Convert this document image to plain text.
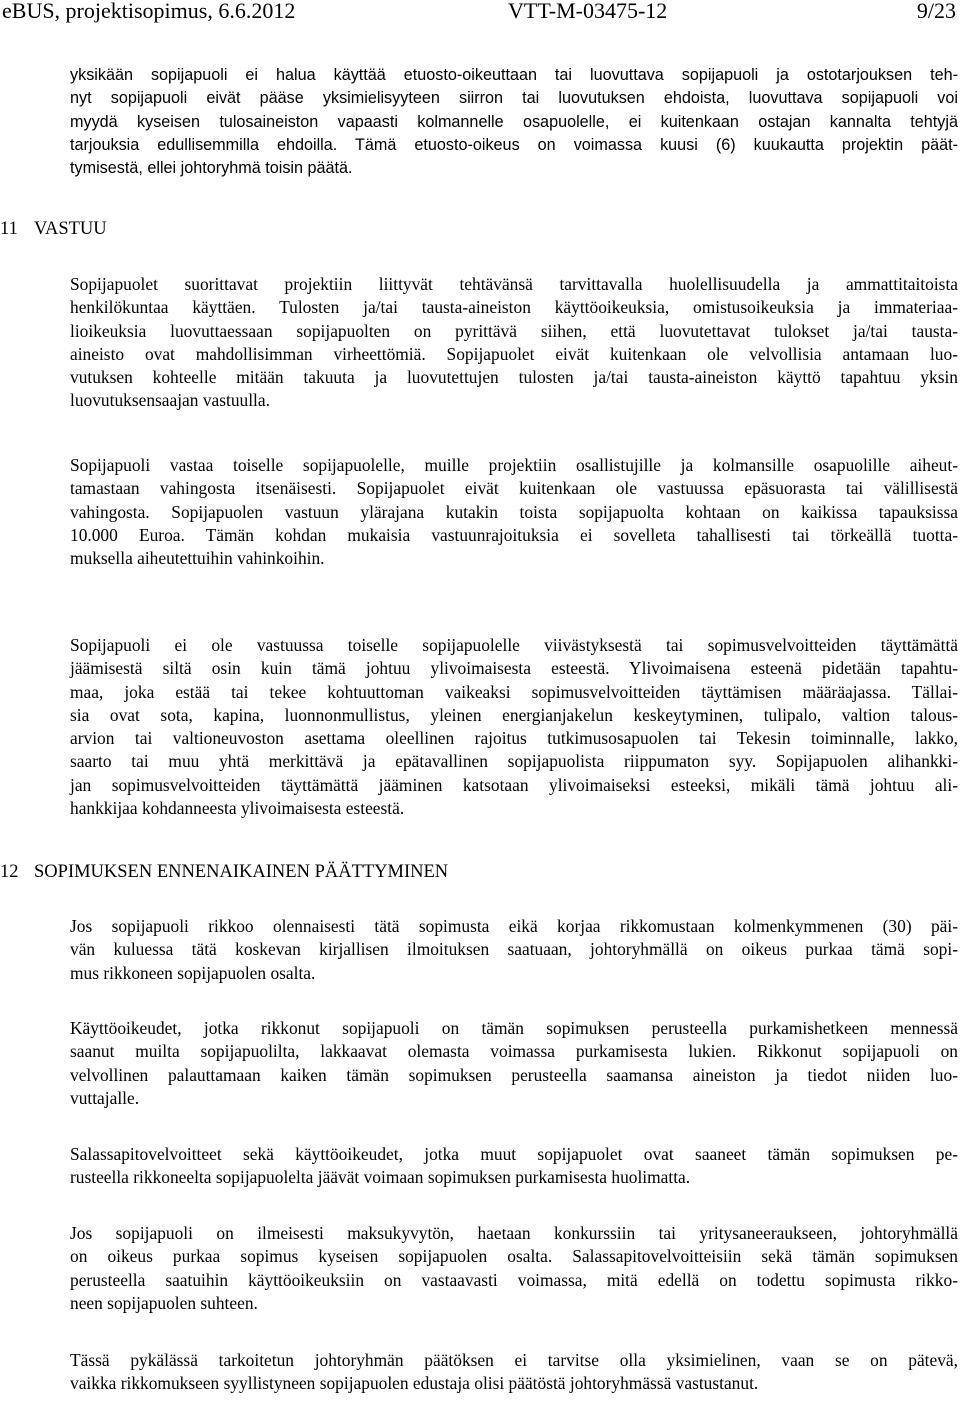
eBUS, projektisopimus, 6.6.2012	VTT-M-03475-12	9/23
yksikään sopijapuoli ei halua käyttää etuosto-oikeuttaan tai luovuttava sopijapuoli ja ostotarjouksen teh-
nyt sopijapuoli eivät pääse yksimielisyyteen siirron tai luovutuksen ehdoista, luovuttava sopijapuoli voi
myydä kyseisen tulosaineiston vapaasti kolmannelle osapuolelle, ei kuitenkaan ostajan kannalta tehtyjä
tarjouksia edullisemmilla ehdoilla. Tämä etuosto-oikeus on voimassa kuusi (6) kuukautta projektin päät-
tymisestä, ellei johtoryhmä toisin päätä.
11 VASTUU
Sopijapuolet suorittavat projektiin liittyvät tehtävänsä tarvittavalla huolellisuudella ja ammattitaitoista
henkilökuntaa käyttäen. Tulosten ja/tai tausta-aineiston käyttöoikeuksia, omistusoikeuksia ja immateriaa-
lioikeuksia luovuttaessaan sopijapuolten on pyrittävä siihen, että luovutettavat tulokset ja/tai tausta-
aineisto ovat mahdollisimman virheettömiä. Sopijapuolet eivät kuitenkaan ole velvollisia antamaan luo-
vutuksen kohteelle mitään takuuta ja luovutettujen tulosten ja/tai tausta-aineiston käyttö tapahtuu yksin
luovutuksensaajan vastuulla.
Sopijapuoli vastaa toiselle sopijapuolelle, muille projektiin osallistujille ja kolmansille osapuolille aiheut-
tamastaan vahingosta itsenäisesti. Sopijapuolet eivät kuitenkaan ole vastuussa epäsuorasta tai välillisestä
vahingosta. Sopijapuolen vastuun ylärajana kutakin toista sopijapuolta kohtaan on kaikissa tapauksissa
10.000 Euroa. Tämän kohdan mukaisia vastuunrajoituksia ei sovelleta tahallisesti tai törkeällä tuotta-
muksella aiheutettuihin vahinkoihin.
Sopijapuoli ei ole vastuussa toiselle sopijapuolelle viivästyksestä tai sopimusvelvoitteiden täyttämättä
jäämisestä siltä osin kuin tämä johtuu ylivoimaisesta esteestä. Ylivoimaisena esteenä pidetään tapahtu-
maa, joka estää tai tekee kohtuuttoman vaikeaksi sopimusvelvoitteiden täyttämisen määräajassa. Tällai-
sia ovat sota, kapina, luonnonmullistus, yleinen energianjakelun keskeytyminen, tulipalo, valtion talous-
arvion tai valtioneuvoston asettama oleellinen rajoitus tutkimusosapuolen tai Tekesin toiminnalle, lakko,
saarto tai muu yhtä merkittävä ja epätavallinen sopijapuolista riippumaton syy. Sopijapuolen alihankki-
jan sopimusvelvoitteiden täyttämättä jääminen katsotaan ylivoimaiseksi esteeksi, mikäli tämä johtuu ali-
hankkijaa kohdanneesta ylivoimaisesta esteestä.
12 SOPIMUKSEN ENNENAIKAINEN PÄÄTTYMINEN
Jos sopijapuoli rikkoo olennaisesti tätä sopimusta eikä korjaa rikkomustaan kolmenkymmenen (30) päi-
vän kuluessa tätä koskevan kirjallisen ilmoituksen saatuaan, johtoryhmällä on oikeus purkaa tämä sopi-
mus rikkoneen sopijapuolen osalta.
Käyttöoikeudet, jotka rikkonut sopijapuoli on tämän sopimuksen perusteella purkamishetkeen mennessä
saanut muilta sopijapuolilta, lakkaavat olemasta voimassa purkamisesta lukien. Rikkonut sopijapuoli on
velvollinen palauttamaan kaiken tämän sopimuksen perusteella saamansa aineiston ja tiedot niiden luo-
vuttajalle.
Salassapitovelvoitteet sekä käyttöoikeudet, jotka muut sopijapuolet ovat saaneet tämän sopimuksen pe-
rusteella rikkoneelta sopijapuolelta jäävät voimaan sopimuksen purkamisesta huolimatta.
Jos sopijapuoli on ilmeisesti maksukyvytön, haetaan konkurssiin tai yritysaneeraukseen, johtoryhmällä
on oikeus purkaa sopimus kyseisen sopijapuolen osalta. Salassapitovelvoitteisiin sekä tämän sopimuksen
perusteella saatuihin käyttöoikeuksiin on vastaavasti voimassa, mitä edellä on todettu sopimusta rikko-
neen sopijapuolen suhteen.
Tässä pykälässä tarkoitetun johtoryhmän päätöksen ei tarvitse olla yksimielinen, vaan se on pätevä,
vaikka rikkomukseen syyllistyneen sopijapuolen edustaja olisi päätöstä johtoryhmässä vastustanut.
